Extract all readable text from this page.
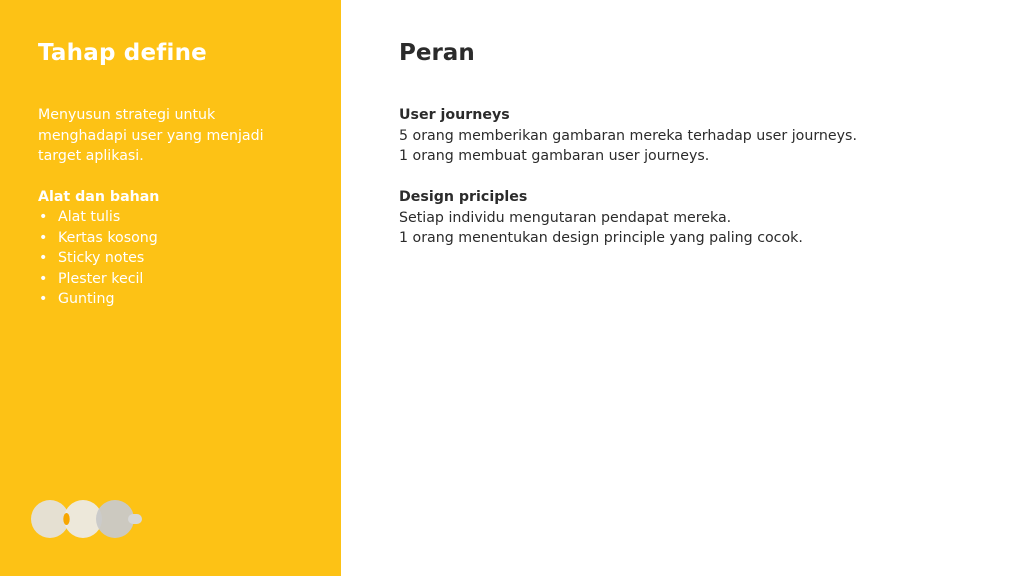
Tahap define

Menyusun strategi untuk menghadapi user yang menjadi target aplikasi.

Alat dan bahan

• Alat tulis
• Kertas kosong
• Sticky notes
• Plester kecil
• Gunting
Peran

User journeys

5 orang memberikan gambaran mereka terhadap user journeys.

1 orang membuat gambaran user journeys.

Design priciples

Setiap individu mengutaran pendapat mereka.

1 orang menentukan design principle yang paling cocok.
